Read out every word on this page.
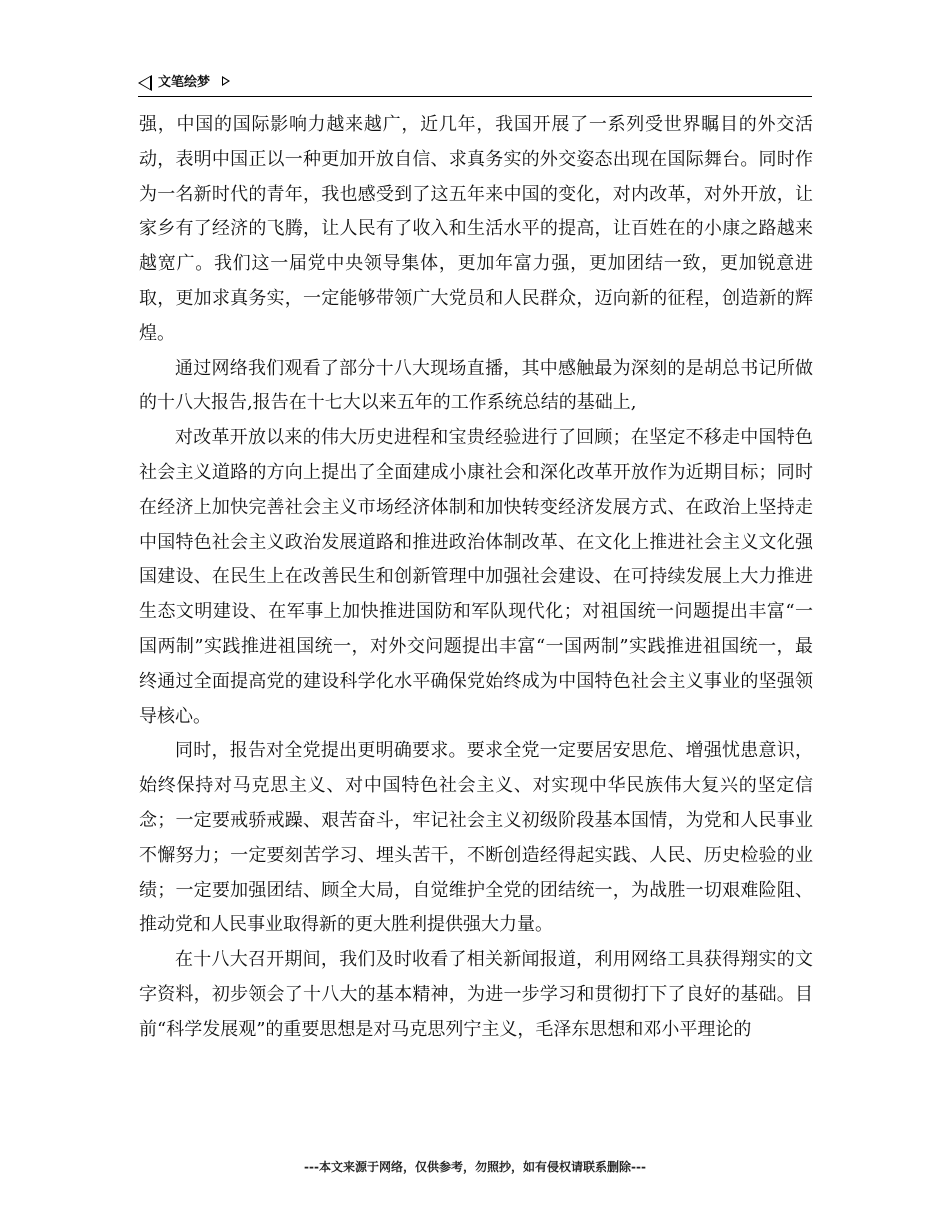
文笔绘梦

强，中国的国际影响力越来越广，近几年，我国开展了一系列受世界瞩目的外交活动，表明中国正以一种更加开放自信、求真务实的外交姿态出现在国际舞台。同时作为一名新时代的青年，我也感受到了这五年来中国的变化，对内改革，对外开放，让家乡有了经济的飞腾，让人民有了收入和生活水平的提高，让百姓在的小康之路越来越宽广。我们这一届党中央领导集体，更加年富力强，更加团结一致，更加锐意进取，更加求真务实，一定能够带领广大党员和人民群众，迈向新的征程，创造新的辉煌。

通过网络我们观看了部分十八大现场直播，其中感触最为深刻的是胡总书记所做的十八大报告,报告在十七大以来五年的工作系统总结的基础上,

对改革开放以来的伟大历史进程和宝贵经验进行了回顾；在坚定不移走中国特色社会主义道路的方向上提出了全面建成小康社会和深化改革开放作为近期目标；同时在经济上加快完善社会主义市场经济体制和加快转变经济发展方式、在政治上坚持走中国特色社会主义政治发展道路和推进政治体制改革、在文化上推进社会主义文化强国建设、在民生上在改善民生和创新管理中加强社会建设、在可持续发展上大力推进生态文明建设、在军事上加快推进国防和军队现代化；对祖国统一问题提出丰富“一国两制”实践推进祖国统一，对外交问题提出丰富“一国两制”实践推进祖国统一，最终通过全面提高党的建设科学化水平确保党始终成为中国特色社会主义事业的坚强领导核心。

同时，报告对全党提出更明确要求。要求全党一定要居安思危、增强忧患意识，始终保持对马克思主义、对中国特色社会主义、对实现中华民族伟大复兴的坚定信念；一定要戒骄戒躁、艰苦奋斗，牢记社会主义初级阶段基本国情，为党和人民事业不懈努力；一定要刻苦学习、埋头苦干，不断创造经得起实践、人民、历史检验的业绩；一定要加强团结、顾全大局，自觉维护全党的团结统一，为战胜一切艰难险阻、推动党和人民事业取得新的更大胜利提供强大力量。

在十八大召开期间，我们及时收看了相关新闻报道，利用网络工具获得翔实的文字资料，初步领会了十八大的基本精神，为进一步学习和贯彻打下了良好的基础。目前“科学发展观”的重要思想是对马克思列宁主义，毛泽东思想和邓小平理论的

---本文来源于网络，仅供参考，勿照抄，如有侵权请联系删除---
